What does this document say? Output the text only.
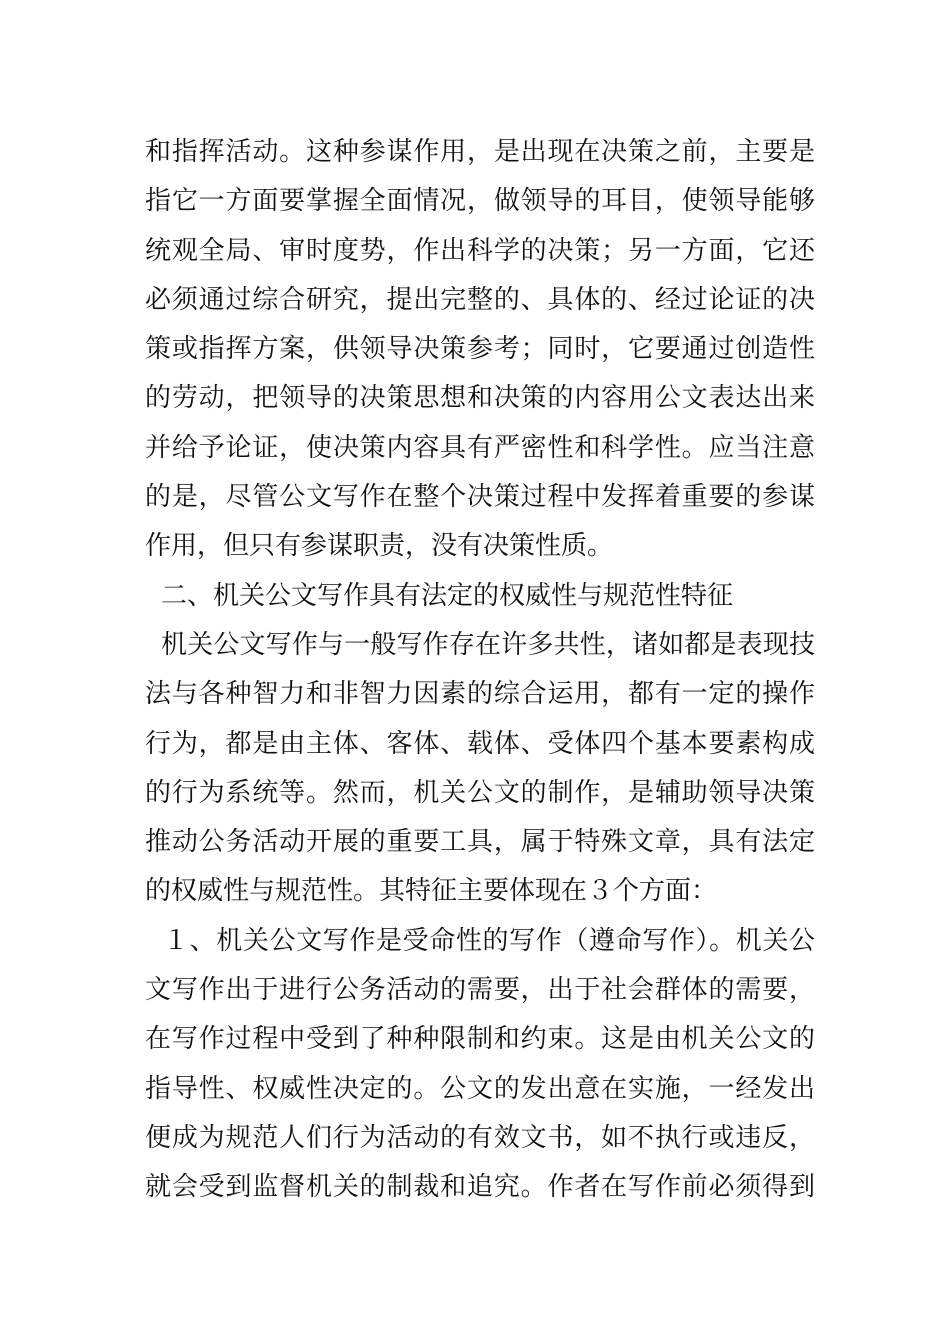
和指挥活动。这种参谋作用，是出现在决策之前，主要是
指它一方面要掌握全面情况，做领导的耳目，使领导能够
统观全局、审时度势，作出科学的决策；另一方面，它还
必须通过综合研究，提出完整的、具体的、经过论证的决
策或指挥方案，供领导决策参考；同时，它要通过创造性
的劳动，把领导的决策思想和决策的内容用公文表达出来
并给予论证，使决策内容具有严密性和科学性。应当注意
的是，尽管公文写作在整个决策过程中发挥着重要的参谋
作用，但只有参谋职责，没有决策性质。
二、机关公文写作具有法定的权威性与规范性特征
机关公文写作与一般写作存在许多共性，诸如都是表现技
法与各种智力和非智力因素的综合运用，都有一定的操作
行为，都是由主体、客体、载体、受体四个基本要素构成
的行为系统等。然而，机关公文的制作，是辅助领导决策
推动公务活动开展的重要工具，属于特殊文章，具有法定
的权威性与规范性。其特征主要体现在３个方面：
１、机关公文写作是受命性的写作（遵命写作）。机关公
文写作出于进行公务活动的需要，出于社会群体的需要，
在写作过程中受到了种种限制和约束。这是由机关公文的
指导性、权威性决定的。公文的发出意在实施，一经发出
便成为规范人们行为活动的有效文书，如不执行或违反，
就会受到监督机关的制裁和追究。作者在写作前必须得到
